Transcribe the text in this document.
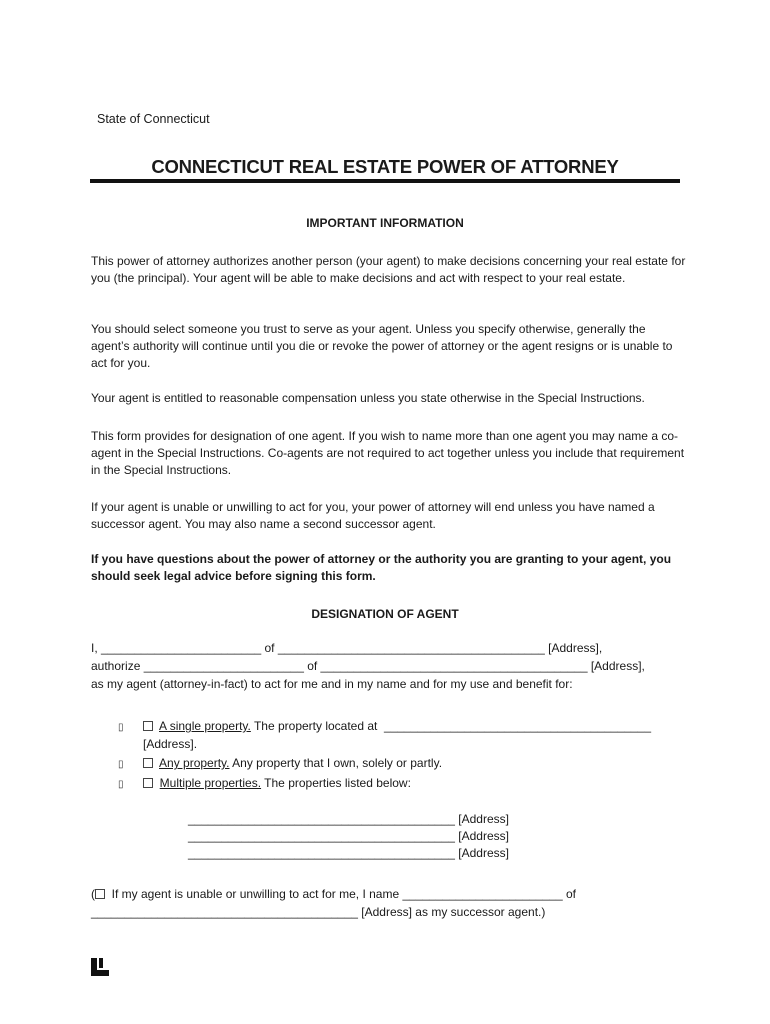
State of Connecticut
CONNECTICUT REAL ESTATE POWER OF ATTORNEY
IMPORTANT INFORMATION
This power of attorney authorizes another person (your agent) to make decisions concerning your real estate for you (the principal). Your agent will be able to make decisions and act with respect to your real estate.
You should select someone you trust to serve as your agent. Unless you specify otherwise, generally the agent’s authority will continue until you die or revoke the power of attorney or the agent resigns or is unable to act for you.
Your agent is entitled to reasonable compensation unless you state otherwise in the Special Instructions.
This form provides for designation of one agent. If you wish to name more than one agent you may name a co-agent in the Special Instructions. Co-agents are not required to act together unless you include that requirement in the Special Instructions.
If your agent is unable or unwilling to act for you, your power of attorney will end unless you have named a successor agent. You may also name a second successor agent.
If you have questions about the power of attorney or the authority you are granting to your agent, you should seek legal advice before signing this form.
DESIGNATION OF AGENT
I, ________________________ of ________________________________________ [Address],
authorize ________________________ of ________________________________________ [Address],
as my agent (attorney-in-fact) to act for me and in my name and for my use and benefit for:
▯	A single property. The property located at  ________________________________________
[Address].
▯	Any property. Any property that I own, solely or partly.
▯	Multiple properties. The properties listed below:
________________________________________ [Address]
________________________________________ [Address]
________________________________________ [Address]
(  If my agent is unable or unwilling to act for me, I name ________________________ of
________________________________________ [Address] as my successor agent.)
